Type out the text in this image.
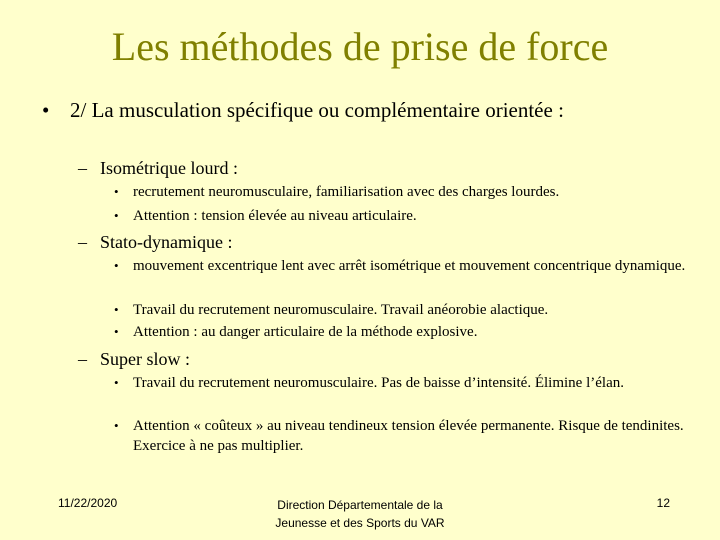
Les méthodes de prise de force
• 2/ La musculation spécifique ou complémentaire orientée :
– Isométrique lourd :
• recrutement neuromusculaire, familiarisation avec des charges lourdes.
• Attention : tension élevée au niveau articulaire.
– Stato-dynamique :
• mouvement excentrique lent avec arrêt isométrique et mouvement concentrique dynamique.
• Travail du recrutement neuromusculaire. Travail anéorobie alactique.
• Attention : au danger articulaire de la méthode explosive.
– Super slow :
• Travail du recrutement neuromusculaire. Pas de baisse d’intensité. Élimine l’élan.
• Attention « coûteux » au niveau tendineux tension élevée permanente. Risque de tendinites. Exercice à ne pas multiplier.
11/22/2020	Direction Départementale de la
Jeunesse et des Sports du VAR
12
